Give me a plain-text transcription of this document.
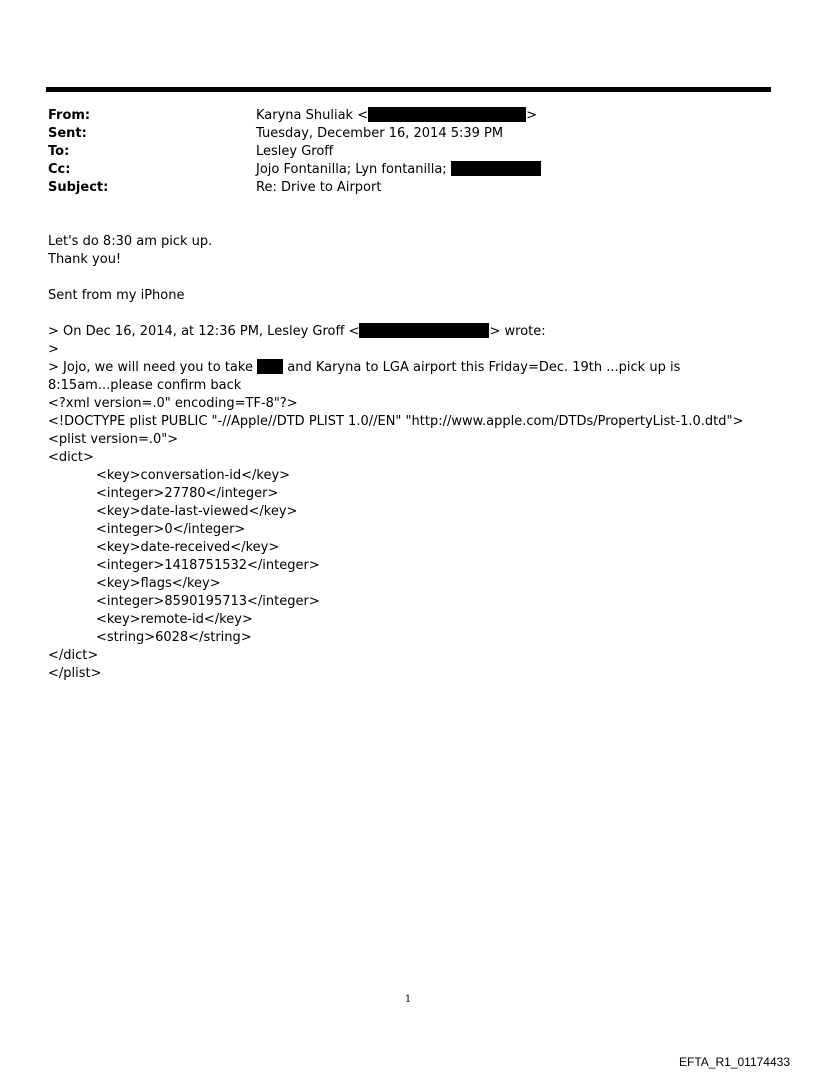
From:	Karyna Shuliak <	>
Sent:	Tuesday, December 16, 2014 5:39 PM
To:	Lesley Groff
Cc:	Jojo Fontanilla; Lyn fontanilla;
Subject:	Re: Drive to Airport
Let's do 8:30 am pick up.
Thank you!
Sent from my iPhone
> On Dec 16, 2014, at 12:36 PM, Lesley Groff <	> wrote:
>
> Jojo, we will need you to take	and Karyna to LGA airport this Friday=Dec. 19th ...pick up is 8:15am...please confirm back
<?xml version=.0" encoding=TF-8"?>
<!DOCTYPE plist PUBLIC "-//Apple//DTD PLIST 1.0//EN" "http://www.apple.com/DTDs/PropertyList-1.0.dtd">
<plist version=.0">
<dict>
<key>conversation-id</key>
<integer>27780</integer>
<key>date-last-viewed</key>
<integer>0</integer>
<key>date-received</key>
<integer>1418751532</integer>
<key>flags</key>
<integer>8590195713</integer>
<key>remote-id</key>
<string>6028</string>
</dict>
</plist>
1
EFTA_R1_01174433
